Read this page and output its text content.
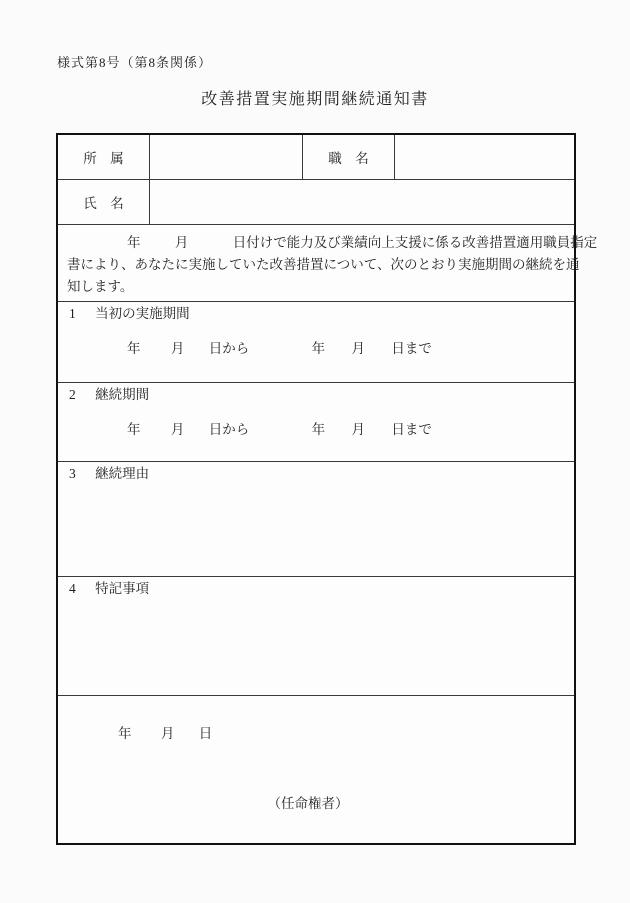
様式第8号（第8条関係）
改善措置実施期間継続通知書
所　属	職　名
氏　名
年	月	日付けで能力及び業績向上支援に係る改善措置適用職員指定
書により、あなたに実施していた改善措置について、次のとおり実施期間の継続を通
知します。
1 当初の実施期間
年 月 日から	年 月 日まで
2 継続期間
年 月 日から	年 月 日まで
3 継続理由
4 特記事項
年 月 日
（任命権者）
